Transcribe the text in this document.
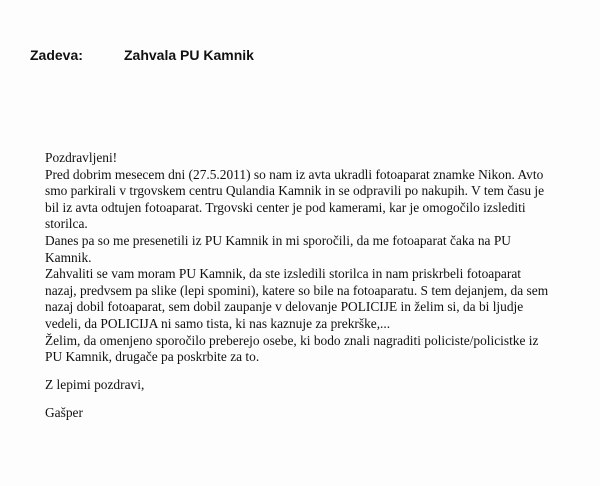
Zadeva:	Zahvala PU Kamnik
Pozdravljeni!
Pred dobrim mesecem dni (27.5.2011) so nam iz avta ukradli fotoaparat znamke Nikon. Avto
smo parkirali v trgovskem centru Qulandia Kamnik in se odpravili po nakupih. V tem času je
bil iz avta odtujen fotoaparat. Trgovski center je pod kamerami, kar je omogočilo izslediti
storilca.
Danes pa so me presenetili iz PU Kamnik in mi sporočili, da me fotoaparat čaka na PU
Kamnik.
Zahvaliti se vam moram PU Kamnik, da ste izsledili storilca in nam priskrbeli fotoaparat
nazaj, predvsem pa slike (lepi spomini), katere so bile na fotoaparatu. S tem dejanjem, da sem
nazaj dobil fotoaparat, sem dobil zaupanje v delovanje POLICIJE in želim si, da bi ljudje
vedeli, da POLICIJA ni samo tista, ki nas kaznuje za prekrške,...
Želim, da omenjeno sporočilo preberejo osebe, ki bodo znali nagraditi policiste/policistke iz
PU Kamnik, drugače pa poskrbite za to.
Z lepimi pozdravi,
Gašper
